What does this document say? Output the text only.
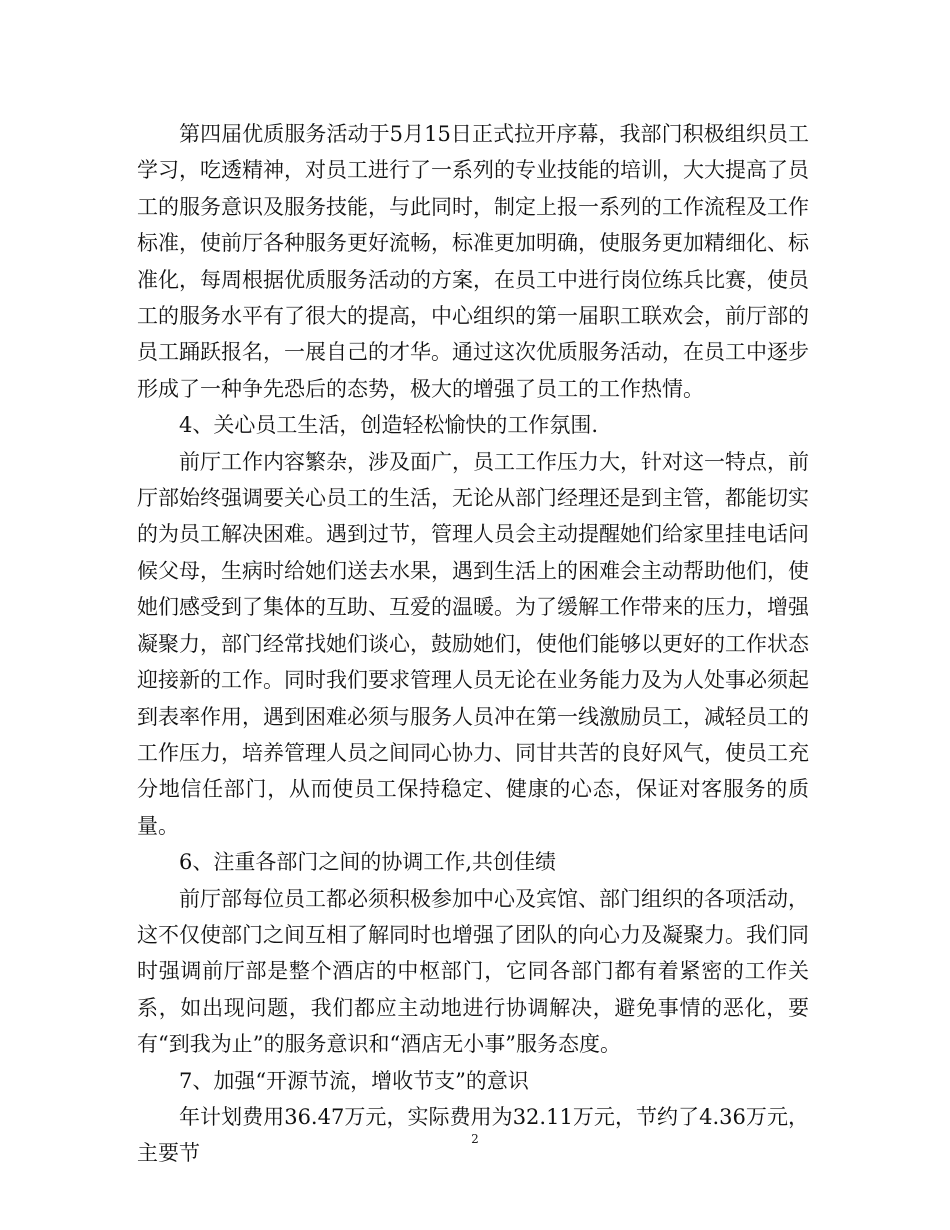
第四届优质服务活动于5月15日正式拉开序幕，我部门积极组织员工学习，吃透精神，对员工进行了一系列的专业技能的培训，大大提高了员工的服务意识及服务技能，与此同时，制定上报一系列的工作流程及工作标准，使前厅各种服务更好流畅，标准更加明确，使服务更加精细化、标准化，每周根据优质服务活动的方案，在员工中进行岗位练兵比赛，使员工的服务水平有了很大的提高，中心组织的第一届职工联欢会，前厅部的员工踊跃报名，一展自己的才华。通过这次优质服务活动，在员工中逐步形成了一种争先恐后的态势，极大的增强了员工的工作热情。

4、关心员工生活，创造轻松愉快的工作氛围.

前厅工作内容繁杂，涉及面广，员工工作压力大，针对这一特点，前厅部始终强调要关心员工的生活，无论从部门经理还是到主管，都能切实的为员工解决困难。遇到过节，管理人员会主动提醒她们给家里挂电话问候父母，生病时给她们送去水果，遇到生活上的困难会主动帮助他们，使她们感受到了集体的互助、互爱的温暖。为了缓解工作带来的压力，增强凝聚力，部门经常找她们谈心，鼓励她们，使他们能够以更好的工作状态迎接新的工作。同时我们要求管理人员无论在业务能力及为人处事必须起到表率作用，遇到困难必须与服务人员冲在第一线激励员工，减轻员工的工作压力，培养管理人员之间同心协力、同甘共苦的良好风气，使员工充分地信任部门，从而使员工保持稳定、健康的心态，保证对客服务的质量。

6、注重各部门之间的协调工作,共创佳绩

前厅部每位员工都必须积极参加中心及宾馆、部门组织的各项活动，这不仅使部门之间互相了解同时也增强了团队的向心力及凝聚力。我们同时强调前厅部是整个酒店的中枢部门，它同各部门都有着紧密的工作关系，如出现问题，我们都应主动地进行协调解决，避免事情的恶化，要有“到我为止”的服务意识和“酒店无小事”服务态度。

7、加强“开源节流，增收节支”的意识

年计划费用36.47万元，实际费用为32.11万元，节约了4.36万元，主要节

2
